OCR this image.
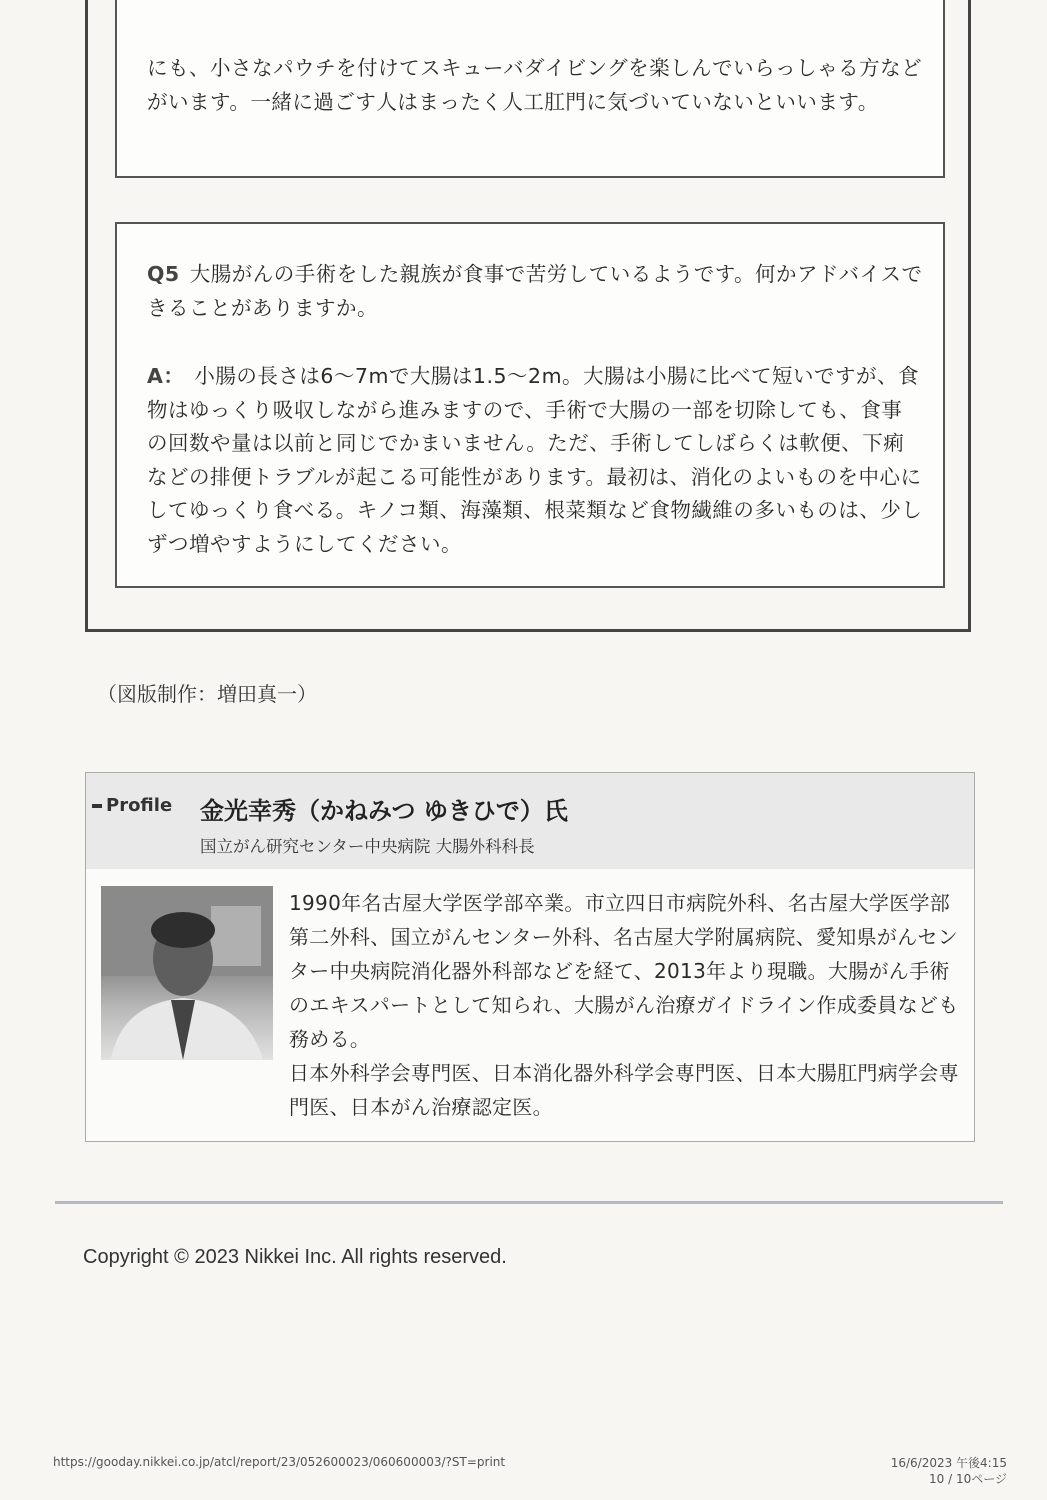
にも、小さなパウチを付けてスキューバダイビングを楽しんでいらっしゃる方などがいます。一緒に過ごす人はまったく人工肛門に気づいていないといいます。

Q5 大腸がんの手術をした親族が食事で苦労しているようです。何かアドバイスできることがありますか。

A： 小腸の長さは6〜7mで大腸は1.5〜2m。大腸は小腸に比べて短いですが、食物はゆっくり吸収しながら進みますので、手術で大腸の一部を切除しても、食事の回数や量は以前と同じでかまいません。ただ、手術してしばらくは軟便、下痢などの排便トラブルが起こる可能性があります。最初は、消化のよいものを中心にしてゆっくり食べる。キノコ類、海藻類、根菜類など食物繊維の多いものは、少しずつ増やすようにしてください。

（図版制作：増田真一）
Profile 金光幸秀（かねみつ ゆきひで）氏
国立がん研究センター中央病院 大腸外科科長

1990年名古屋大学医学部卒業。市立四日市病院外科、名古屋大学医学部第二外科、国立がんセンター外科、名古屋大学附属病院、愛知県がんセンター中央病院消化器外科部などを経て、2013年より現職。大腸がん手術のエキスパートとして知られ、大腸がん治療ガイドライン作成委員なども務める。
日本外科学会専門医、日本消化器外科学会専門医、日本大腸肛門病学会専門医、日本がん治療認定医。

Copyright © 2023 Nikkei Inc. All rights reserved.
https://gooday.nikkei.co.jp/atcl/report/23/052600023/060600003/?ST=print	16/6/2023 午後4:15
10 / 10ページ
